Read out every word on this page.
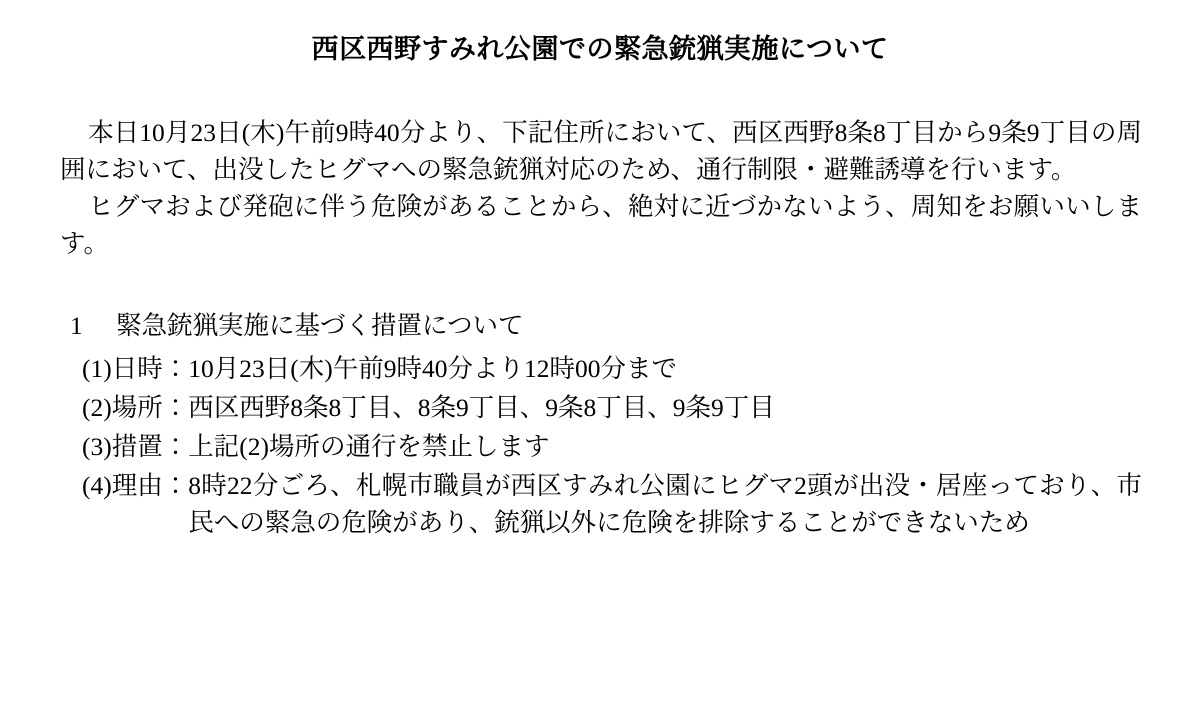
西区西野すみれ公園での緊急銃猟実施について

本日10月23日(木)午前9時40分より、下記住所において、西区西野8条8丁目から9条9丁目の周囲において、出没したヒグマへの緊急銃猟対応のため、通行制限・避難誘導を行います。

ヒグマおよび発砲に伴う危険があることから、絶対に近づかないよう、周知をお願いいします。

1 緊急銃猟実施に基づく措置について
(1) 日時： 10月23日(木)午前9時40分より12時00分まで
(2) 場所： 西区西野8条8丁目、8条9丁目、9条8丁目、9条9丁目
(3) 措置： 上記(2)場所の通行を禁止します
(4) 理由： 8時22分ごろ、札幌市職員が西区すみれ公園にヒグマ2頭が出没・居座っており、市民への緊急の危険があり、銃猟以外に危険を排除することができないため
